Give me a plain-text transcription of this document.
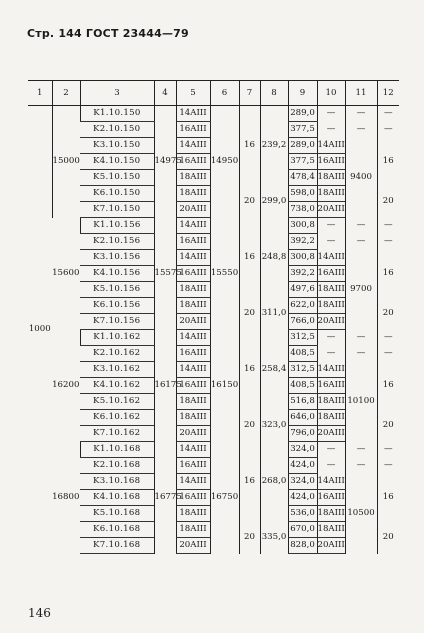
Стр. 144 ГОСТ 23444—79
1	2	3	4	5	6	7	8	9	10	11	12
1000	15000	K1.10.150	14975	14AIII	14950	16	239,2	289,0	—	—	—
		K2.10.150		16AIII				377,5	—	—	—
		K3.10.150		14AIII				289,0	14AIII	9400	16
		K4.10.150		16AIII				377,5	16AIII		
		K5.10.150		18AIII				478,4	18AIII		
		K6.10.150		18AIII		20	299,0	598,0	18AIII		20
		K7.10.150		20AIII				738,0	20AIII		
	15600	K1.10.156	15575	14AIII	15550	16	248,8	300,8	—	—	—
		K2.10.156		16AIII				392,2	—	—	—
		K3.10.156		14AIII				300,8	14AIII	9700	16
		K4.10.156		16AIII				392,2	16AIII		
		K5.10.156		18AIII				497,6	18AIII		
		K6.10.156		18AIII		20	311,0	622,0	18AIII		20
		K7.10.156		20AIII				766,0	20AIII		
	16200	K1.10.162	16175	14AIII	16150	16	258,4	312,5	—	—	—
		K2.10.162		16AIII				408,5	—	—	—
		K3.10.162		14AIII				312,5	14AIII	10100	16
		K4.10.162		16AIII				408,5	16AIII		
		K5.10.162		18AIII				516,8	18AIII		
		K6.10.162		18AIII		20	323,0	646,0	18AIII		20
		K7.10.162		20AIII				796,0	20AIII		
	16800	K1.10.168	16775	14AIII	16750	16	268,0	324,0	—	—	—
		K2.10.168		16AIII				424,0	—	—	—
		K3.10.168		14AIII				324,0	14AIII	10500	16
		K4.10.168		16AIII				424,0	16AIII		
		K5.10.168		18AIII				536,0	18AIII		
		K6.10.168		18AIII		20	335,0	670,0	18AIII		20
		K7.10.168		20AIII				828,0	20AIII		
146
